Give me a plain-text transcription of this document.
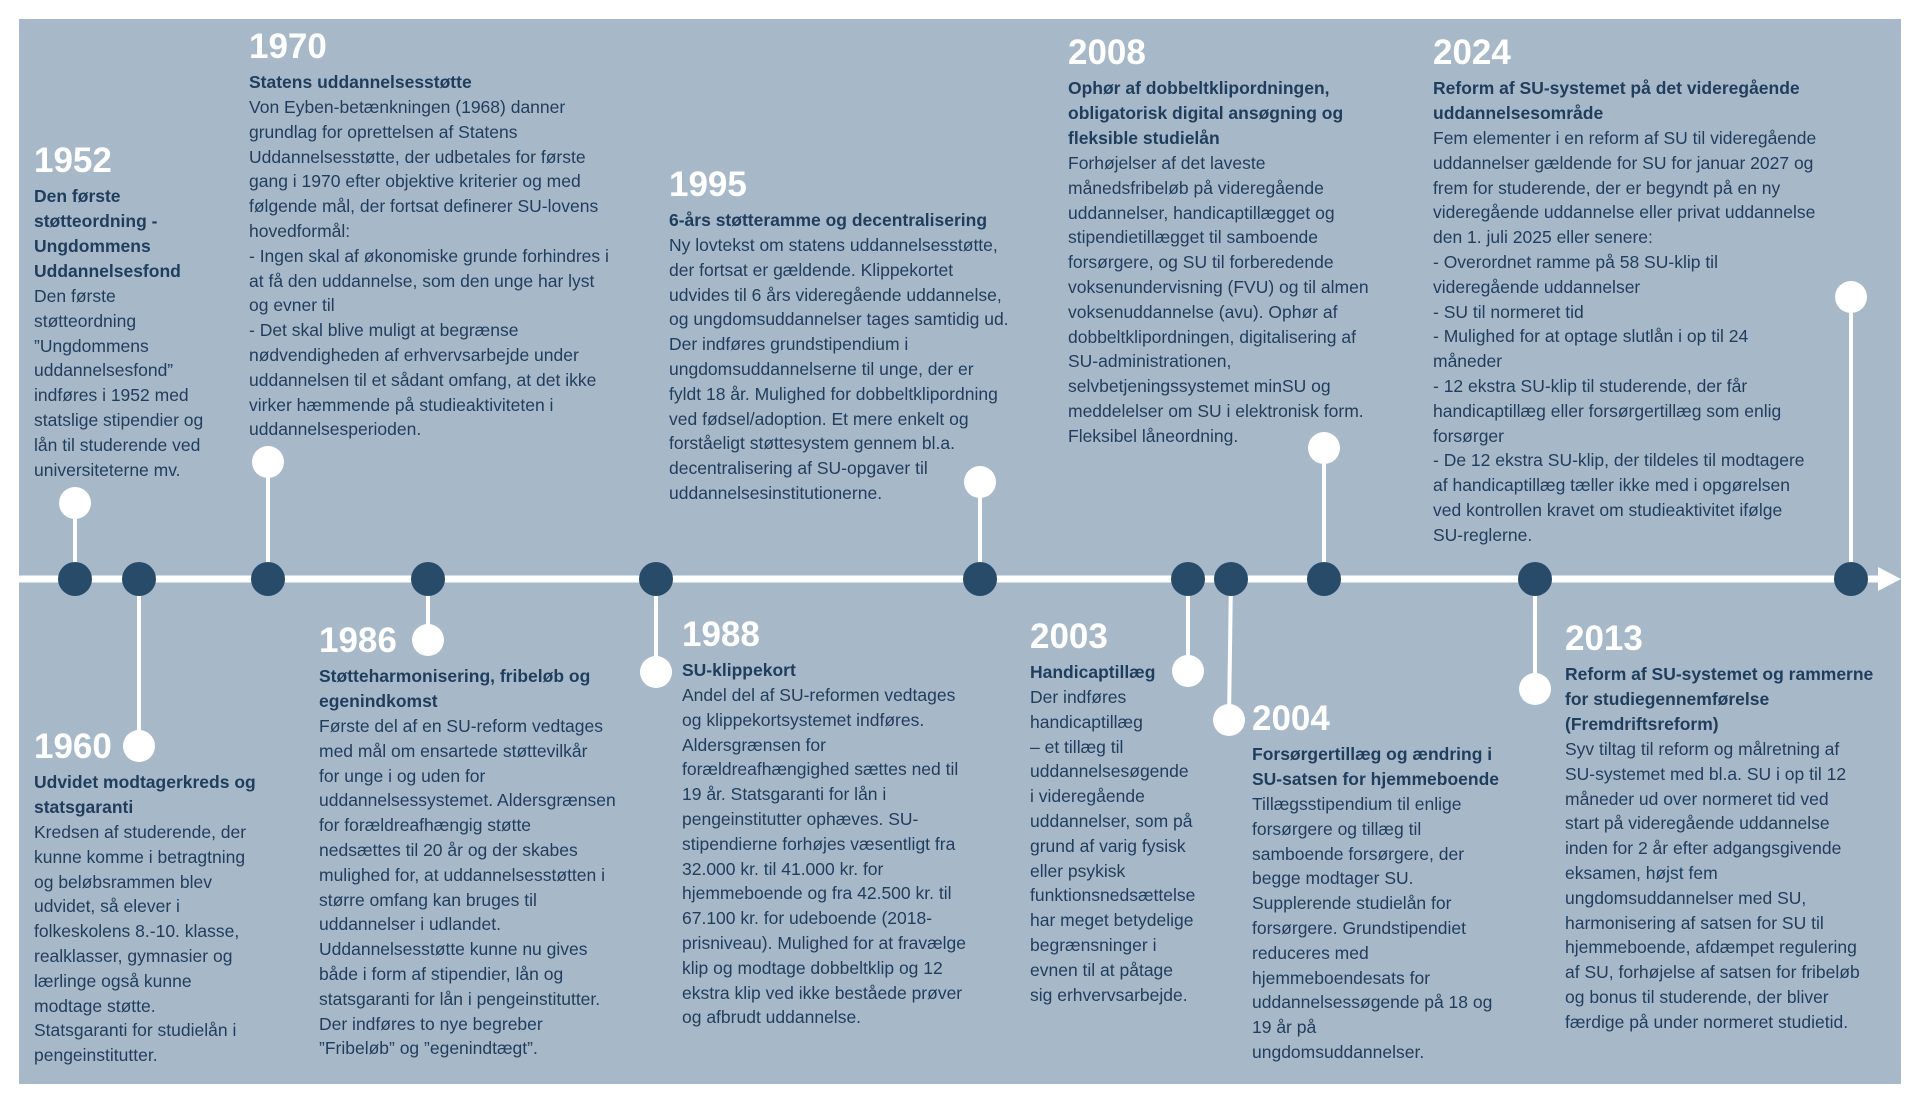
1952
Den første
støtteordning -
Ungdommens
Uddannelsesfond
Den første
støtteordning
”Ungdommens
uddannelsesfond”
indføres i 1952 med
statslige stipendier og
lån til studerende ved
universiteterne mv.
1970
Statens uddannelsesstøtte
Von Eyben-betænkningen (1968) danner
grundlag for oprettelsen af Statens
Uddannelsesstøtte, der udbetales for første
gang i 1970 efter objektive kriterier og med
følgende mål, der fortsat definerer SU-lovens
hovedformål:
- Ingen skal af økonomiske grunde forhindres i
at få den uddannelse, som den unge har lyst
og evner til
- Det skal blive muligt at begrænse
nødvendigheden af erhvervsarbejde under
uddannelsen til et sådant omfang, at det ikke
virker hæmmende på studieaktiviteten i
uddannelsesperioden.
1995
6-års støtteramme og decentralisering
Ny lovtekst om statens uddannelsesstøtte,
der fortsat er gældende. Klippekortet
udvides til 6 års videregående uddannelse,
og ungdomsuddannelser tages samtidig ud.
Der indføres grundstipendium i
ungdomsuddannelserne til unge, der er
fyldt 18 år. Mulighed for dobbeltklipordning
ved fødsel/adoption. Et mere enkelt og
forståeligt støttesystem gennem bl.a.
decentralisering af SU-opgaver til
uddannelsesinstitutionerne.
2008
Ophør af dobbeltklipordningen,
obligatorisk digital ansøgning og
fleksible studielån
Forhøjelser af det laveste
månedsfribeløb på videregående
uddannelser, handicaptillægget og
stipendietillægget til samboende
forsørgere, og SU til forberedende
voksenundervisning (FVU) og til almen
voksenuddannelse (avu). Ophør af
dobbeltklipordningen, digitalisering af
SU-administrationen,
selvbetjeningssystemet minSU og
meddelelser om SU i elektronisk form.
Fleksibel låneordning.
2024
Reform af SU-systemet på det videregående
uddannelsesområde
Fem elementer i en reform af SU til videregående
uddannelser gældende for SU for januar 2027 og
frem for studerende, der er begyndt på en ny
videregående uddannelse eller privat uddannelse
den 1. juli 2025 eller senere:
- Overordnet ramme på 58 SU-klip til
videregående uddannelser
- SU til normeret tid
- Mulighed for at optage slutlån i op til 24
måneder
- 12 ekstra SU-klip til studerende, der får
handicaptillæg eller forsørgertillæg som enlig
forsørger
- De 12 ekstra SU-klip, der tildeles til modtagere
af handicaptillæg tæller ikke med i opgørelsen
ved kontrollen kravet om studieaktivitet ifølge
SU-reglerne.
1960
Udvidet modtagerkreds og
statsgaranti
Kredsen af studerende, der
kunne komme i betragtning
og beløbsrammen blev
udvidet, så elever i
folkeskolens 8.-10. klasse,
realklasser, gymnasier og
lærlinge også kunne
modtage støtte.
Statsgaranti for studielån i
pengeinstitutter.
1986
Støtteharmonisering, fribeløb og
egenindkomst
Første del af en SU-reform vedtages
med mål om ensartede støttevilkår
for unge i og uden for
uddannelsessystemet. Aldersgrænsen
for forældreafhængig støtte
nedsættes til 20 år og der skabes
mulighed for, at uddannelsesstøtten i
større omfang kan bruges til
uddannelser i udlandet.
Uddannelsesstøtte kunne nu gives
både i form af stipendier, lån og
statsgaranti for lån i pengeinstitutter.
Der indføres to nye begreber
”Fribeløb” og ”egenindtægt”.
1988
SU-klippekort
Andel del af SU-reformen vedtages
og klippekortsystemet indføres.
Aldersgrænsen for
forældreafhængighed sættes ned til
19 år. Statsgaranti for lån i
pengeinstitutter ophæves. SU-
stipendierne forhøjes væsentligt fra
32.000 kr. til 41.000 kr. for
hjemmeboende og fra 42.500 kr. til
67.100 kr. for udeboende (2018-
prisniveau). Mulighed for at fravælge
klip og modtage dobbeltklip og 12
ekstra klip ved ikke beståede prøver
og afbrudt uddannelse.
2003
Handicaptillæg
Der indføres
handicaptillæg
– et tillæg til
uddannelsesøgende
i videregående
uddannelser, som på
grund af varig fysisk
eller psykisk
funktionsnedsættelse
har meget betydelige
begrænsninger i
evnen til at påtage
sig erhvervsarbejde.
2004
Forsørgertillæg og ændring i
SU-satsen for hjemmeboende
Tillægsstipendium til enlige
forsørgere og tillæg til
samboende forsørgere, der
begge modtager SU.
Supplerende studielån for
forsørgere. Grundstipendiet
reduceres med
hjemmeboendesats for
uddannelsessøgende på 18 og
19 år på
ungdomsuddannelser.
2013
Reform af SU-systemet og rammerne
for studiegennemførelse
(Fremdriftsreform)
Syv tiltag til reform og målretning af
SU-systemet med bl.a. SU i op til 12
måneder ud over normeret tid ved
start på videregående uddannelse
inden for 2 år efter adgangsgivende
eksamen, højst fem
ungdomsuddannelser med SU,
harmonisering af satsen for SU til
hjemmeboende, afdæmpet regulering
af SU, forhøjelse af satsen for fribeløb
og bonus til studerende, der bliver
færdige på under normeret studietid.
